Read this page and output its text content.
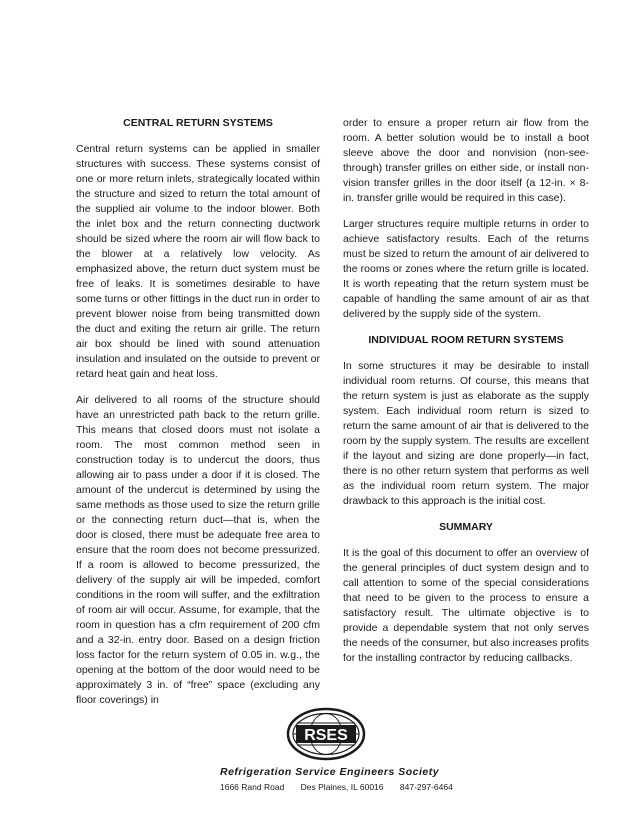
CENTRAL RETURN SYSTEMS

Central return systems can be applied in smaller structures with success. These systems consist of one or more return inlets, strategically located within the structure and sized to return the total amount of the supplied air volume to the indoor blower. Both the inlet box and the return connecting ductwork should be sized where the room air will flow back to the blower at a relatively low velocity. As emphasized above, the return duct system must be free of leaks. It is sometimes desirable to have some turns or other fittings in the duct run in order to prevent blower noise from being transmitted down the duct and exiting the return air grille. The return air box should be lined with sound attenuation insulation and insulated on the outside to prevent or retard heat gain and heat loss.

Air delivered to all rooms of the structure should have an unrestricted path back to the return grille. This means that closed doors must not isolate a room. The most common method seen in construction today is to undercut the doors, thus allowing air to pass under a door if it is closed. The amount of the undercut is determined by using the same methods as those used to size the return grille or the connecting return duct—that is, when the door is closed, there must be adequate free area to ensure that the room does not become pressurized. If a room is allowed to become pressurized, the delivery of the supply air will be impeded, comfort conditions in the room will suffer, and the exfiltration of room air will occur. Assume, for example, that the room in question has a cfm requirement of 200 cfm and a 32-in. entry door. Based on a design friction loss factor for the return system of 0.05 in. w.g., the opening at the bottom of the door would need to be approximately 3 in. of “free” space (excluding any floor coverings) in

order to ensure a proper return air flow from the room. A better solution would be to install a boot sleeve above the door and nonvision (non-see-through) transfer grilles on either side, or install non-vision transfer grilles in the door itself (a 12-in. × 8-in. transfer grille would be required in this case).

Larger structures require multiple returns in order to achieve satisfactory results. Each of the returns must be sized to return the amount of air delivered to the rooms or zones where the return grille is located. It is worth repeating that the return system must be capable of handling the same amount of air as that delivered by the supply side of the system.

INDIVIDUAL ROOM RETURN SYSTEMS

In some structures it may be desirable to install individual room returns. Of course, this means that the return system is just as elaborate as the supply system. Each individual room return is sized to return the same amount of air that is delivered to the room by the supply system. The results are excellent if the layout and sizing are done properly—in fact, there is no other return system that performs as well as the individual room return system. The major drawback to this approach is the initial cost.

SUMMARY

It is the goal of this document to offer an overview of the general principles of duct system design and to call attention to some of the special considerations that need to be given to the process to ensure a satisfactory result. The ultimate objective is to provide a dependable system that not only serves the needs of the consumer, but also increases profits for the installing contractor by reducing callbacks.

RSES
Refrigeration Service Engineers Society
1666 Rand Road Des Plaines, IL 60016 847-297-6464
